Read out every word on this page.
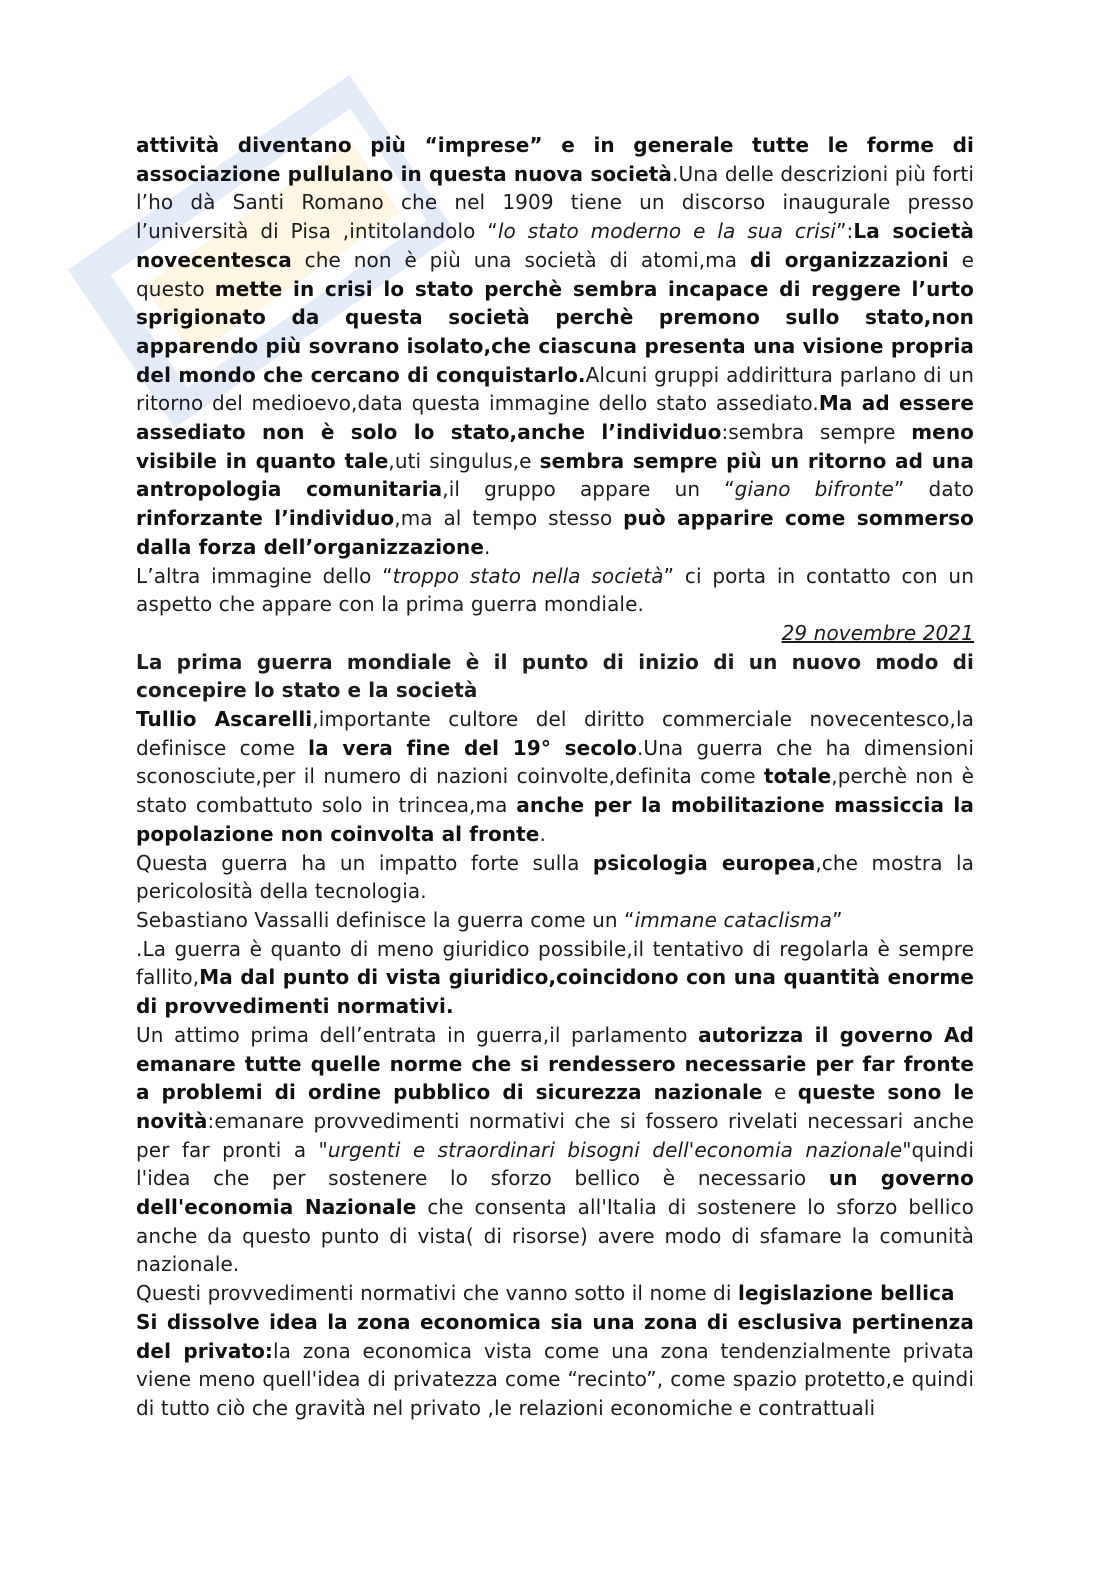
attività diventano più “imprese” e in generale tutte le forme di associazione pullulano in questa nuova società.Una delle descrizioni più forti l’ho dà Santi Romano che nel 1909 tiene un discorso inaugurale presso l’università di Pisa ,intitolandolo “lo stato moderno e la sua crisi”:La società novecentesca che non è più una società di atomi,ma di organizzazioni e questo mette in crisi lo stato perchè sembra incapace di reggere l’urto sprigionato da questa società perchè premono sullo stato,non apparendo più sovrano isolato,che ciascuna presenta una visione propria del mondo che cercano di conquistarlo.Alcuni gruppi addirittura parlano di un ritorno del medioevo,data questa immagine dello stato assediato.Ma ad essere assediato non è solo lo stato,anche l’individuo:sembra sempre meno visibile in quanto tale,uti singulus,e sembra sempre più un ritorno ad una antropologia comunitaria,il gruppo appare un “giano bifronte” dato rinforzante l’individuo,ma al tempo stesso può apparire come sommerso dalla forza dell’organizzazione.

L’altra immagine dello “troppo stato nella società” ci porta in contatto con un aspetto che appare con la prima guerra mondiale.

29 novembre 2021

La prima guerra mondiale è il punto di inizio di un nuovo modo di concepire lo stato e la società

Tullio Ascarelli,importante cultore del diritto commerciale novecentesco,la definisce come la vera fine del 19° secolo.Una guerra che ha dimensioni sconosciute,per il numero di nazioni coinvolte,definita come totale,perchè non è stato combattuto solo in trincea,ma anche per la mobilitazione massiccia la popolazione non coinvolta al fronte.

Questa guerra ha un impatto forte sulla psicologia europea,che mostra la pericolosità della tecnologia.

Sebastiano Vassalli definisce la guerra come un “immane cataclisma”

.La guerra è quanto di meno giuridico possibile,il tentativo di regolarla è sempre fallito,Ma dal punto di vista giuridico,coincidono con una quantità enorme di provvedimenti normativi.

Un attimo prima dell’entrata in guerra,il parlamento autorizza il governo Ad emanare tutte quelle norme che si rendessero necessarie per far fronte a problemi di ordine pubblico di sicurezza nazionale e queste sono le novità:emanare provvedimenti normativi che si fossero rivelati necessari anche per far pronti a "urgenti e straordinari bisogni dell'economia nazionale"quindi l'idea che per sostenere lo sforzo bellico è necessario un governo dell'economia Nazionale che consenta all'Italia di sostenere lo sforzo bellico anche da questo punto di vista( di risorse) avere modo di sfamare la comunità nazionale.

Questi provvedimenti normativi che vanno sotto il nome di legislazione bellica

Si dissolve idea la zona economica sia una zona di esclusiva pertinenza del privato:la zona economica vista come una zona tendenzialmente privata viene meno quell'idea di privatezza come “recinto”, come spazio protetto,e quindi di tutto ciò che gravità nel privato ,le relazioni economiche e contrattuali
